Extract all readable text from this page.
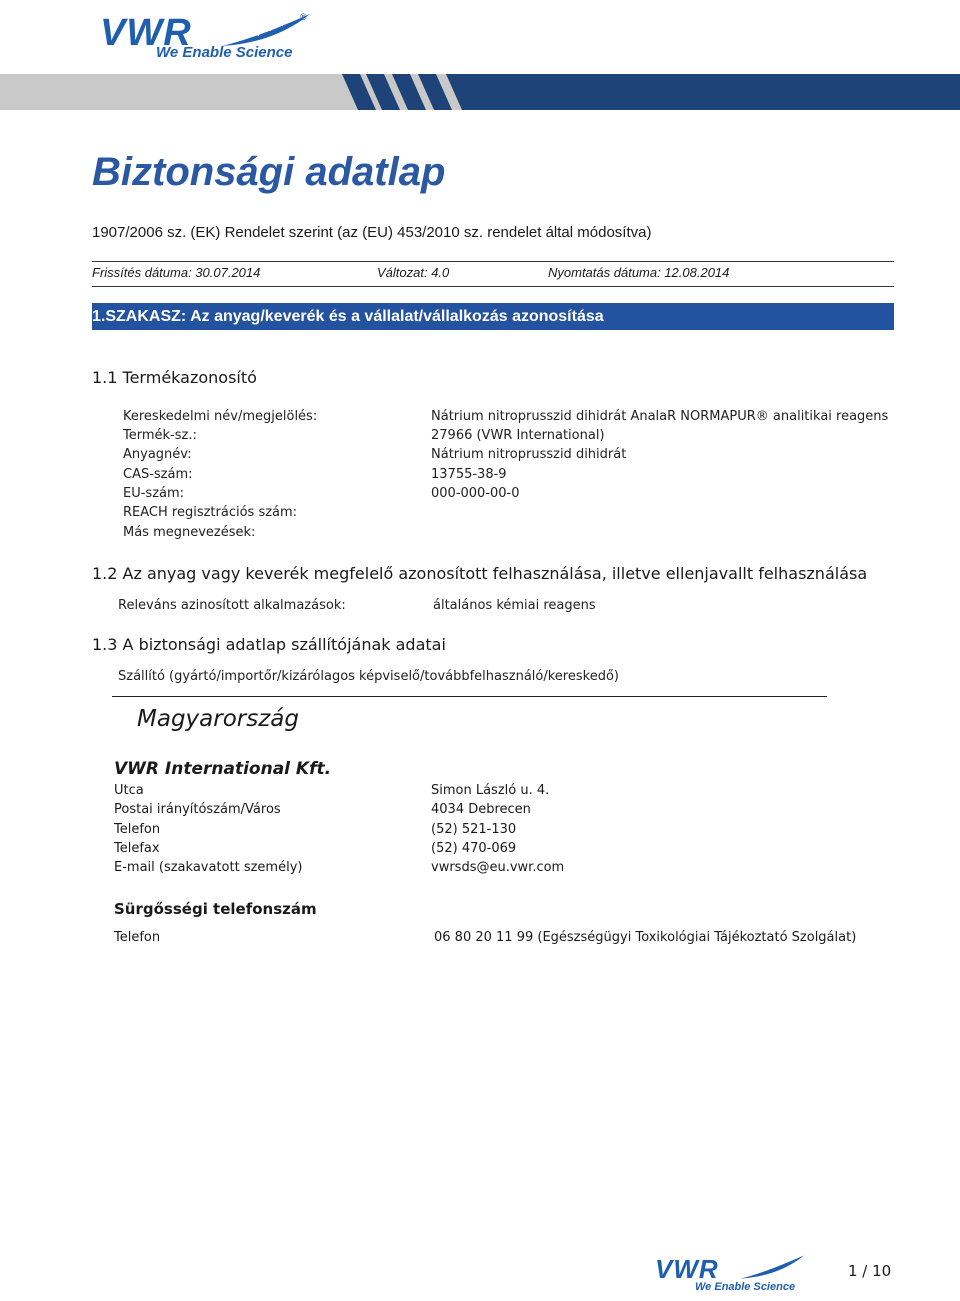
VWR	®
We Enable Science
Biztonsági adatlap
1907/2006 sz. (EK) Rendelet szerint (az (EU) 453/2010 sz. rendelet által módosítva)
Frissítés dátuma: 30.07.2014	Változat: 4.0	Nyomtatás dátuma: 12.08.2014
1.SZAKASZ: Az anyag/keverék és a vállalat/vállalkozás azonosítása
1.1 Termékazonosító
Kereskedelmi név/megjelölés:	Nátrium nitroprusszid dihidrát AnalaR NORMAPUR® analitikai reagens
Termék-sz.:	27966 (VWR International)
Anyagnév:	Nátrium nitroprusszid dihidrát
CAS-szám:	13755-38-9
EU-szám:	000-000-00-0
REACH regisztrációs szám:
Más megnevezések:
1.2 Az anyag vagy keverék megfelelő azonosított felhasználása, illetve ellenjavallt felhasználása
Releváns azinosított alkalmazások:	általános kémiai reagens
1.3 A biztonsági adatlap szállítójának adatai
Szállító (gyártó/importőr/kizárólagos képviselő/továbbfelhasználó/kereskedő)
Magyarország
VWR International Kft.
Utca	Simon László u. 4.
Postai irányítószám/Város	4034 Debrecen
Telefon	(52) 521-130
Telefax	(52) 470-069
E-mail (szakavatott személy)	vwrsds@eu.vwr.com
Sürgősségi telefonszám
Telefon	06 80 20 11 99 (Egészségügyi Toxikológiai Tájékoztató Szolgálat)
VWR
We Enable Science
1 / 10
